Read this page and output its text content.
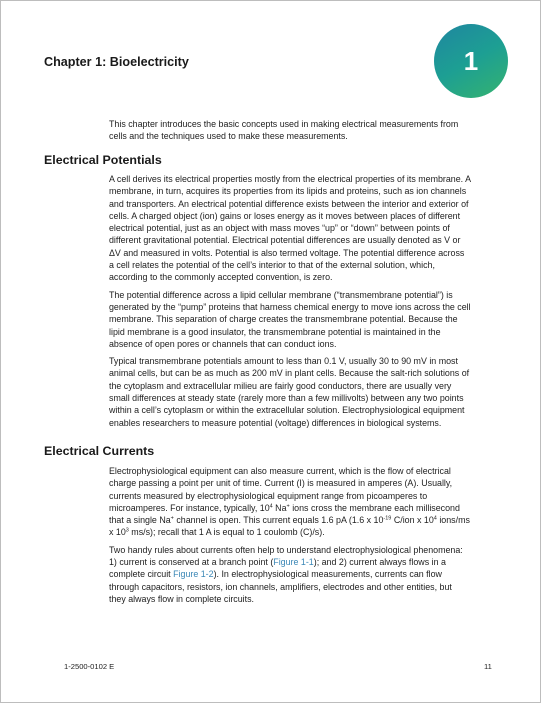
Chapter 1: Bioelectricity	1

This chapter introduces the basic concepts used in making electrical measurements from cells and the techniques used to make these measurements.

Electrical Potentials

A cell derives its electrical properties mostly from the electrical properties of its membrane. A membrane, in turn, acquires its properties from its lipids and proteins, such as ion channels and transporters. An electrical potential difference exists between the interior and exterior of cells. A charged object (ion) gains or loses energy as it moves between places of different electrical potential, just as an object with mass moves “up” or “down” between points of different gravitational potential. Electrical potential differences are usually denoted as V or ΔV and measured in volts. Potential is also termed voltage. The potential difference across a cell relates the potential of the cell’s interior to that of the external solution, which, according to the commonly accepted convention, is zero.

The potential difference across a lipid cellular membrane (“transmembrane potential”) is generated by the “pump” proteins that harness chemical energy to move ions across the cell membrane. This separation of charge creates the transmembrane potential. Because the lipid membrane is a good insulator, the transmembrane potential is maintained in the absence of open pores or channels that can conduct ions.

Typical transmembrane potentials amount to less than 0.1 V, usually 30 to 90 mV in most animal cells, but can be as much as 200 mV in plant cells. Because the salt-rich solutions of the cytoplasm and extracellular milieu are fairly good conductors, there are usually very small differences at steady state (rarely more than a few millivolts) between any two points within a cell’s cytoplasm or within the extracellular solution. Electrophysiological equipment enables researchers to measure potential (voltage) differences in biological systems.

Electrical Currents

Electrophysiological equipment can also measure current, which is the flow of electrical charge passing a point per unit of time. Current (I) is measured in amperes (A). Usually, currents measured by electrophysiological equipment range from picoamperes to microamperes. For instance, typically, $10^4$ Na+ ions cross the membrane each millisecond that a single Na+ channel is open. This current equals 1.6 pA (1.6 x $10^{-19}$ C/ion x $10^4$ ions/ms x $10^3$ ms/s); recall that 1 A is equal to 1 coulomb (C)/s).

Two handy rules about currents often help to understand electrophysiological phenomena: 1) current is conserved at a branch point (Figure 1-1); and 2) current always flows in a complete circuit Figure 1-2). In electrophysiological measurements, currents can flow through capacitors, resistors, ion channels, amplifiers, electrodes and other entities, but they always flow in complete circuits.

1-2500-0102 E	11
